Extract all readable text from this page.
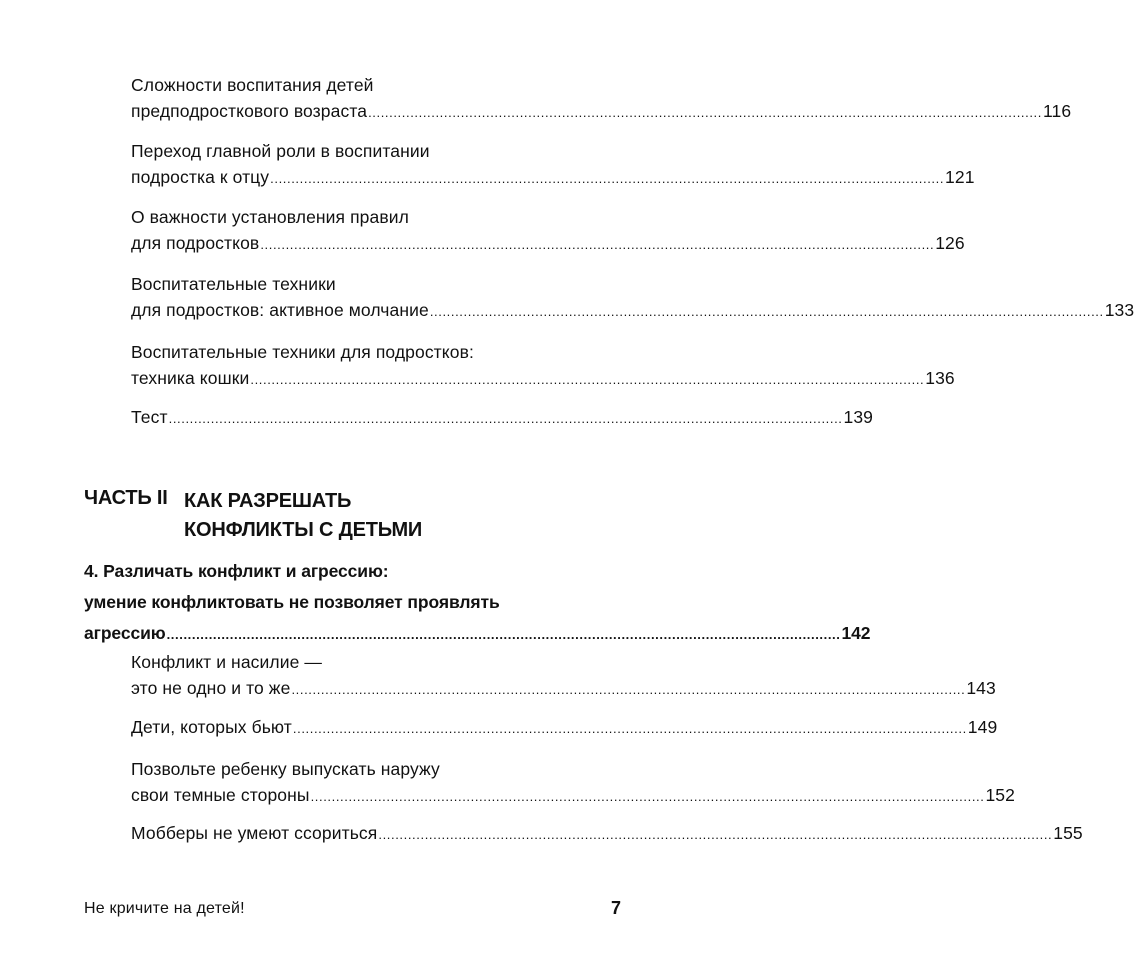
Сложности воспитания детей
предподросткового возраста ................................................................................................................................................................ 116
Переход главной роли в воспитании
подростка к отцу ................................................................................................................................................................ 121
О важности установления правил
для подростков ................................................................................................................................................................ 126
Воспитательные техники
для подростков: активное молчание ................................................................................................................................................................ 133
Воспитательные техники для подростков:
техника кошки ................................................................................................................................................................ 136
Тест ................................................................................................................................................................ 139
ЧАСТЬ II КАК РАЗРЕШАТЬ
КОНФЛИКТЫ С ДЕТЬМИ
4. Различать конфликт и агрессию:
умение конфликтовать не позволяет проявлять
агрессию ................................................................................................................................................................ 142
Конфликт и насилие —
это не одно и то же ................................................................................................................................................................ 143
Дети, которых бьют ................................................................................................................................................................ 149
Позвольте ребенку выпускать наружу
свои темные стороны ................................................................................................................................................................ 152
Мобберы не умеют ссориться ................................................................................................................................................................ 155
Не кричите на детей!	7
